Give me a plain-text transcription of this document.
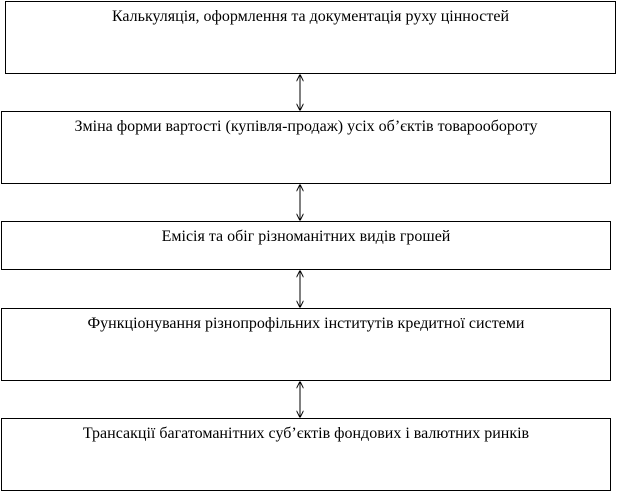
Калькуляція, оформлення та документація руху цінностей
Зміна форми вартості (купівля-продаж) усіх об’єктів товарообороту
Емісія та обіг різноманітних видів грошей
Функціонування різнопрофільних інститутів кредитної системи
Трансакції багатоманітних суб’єктів фондових і валютних ринків
